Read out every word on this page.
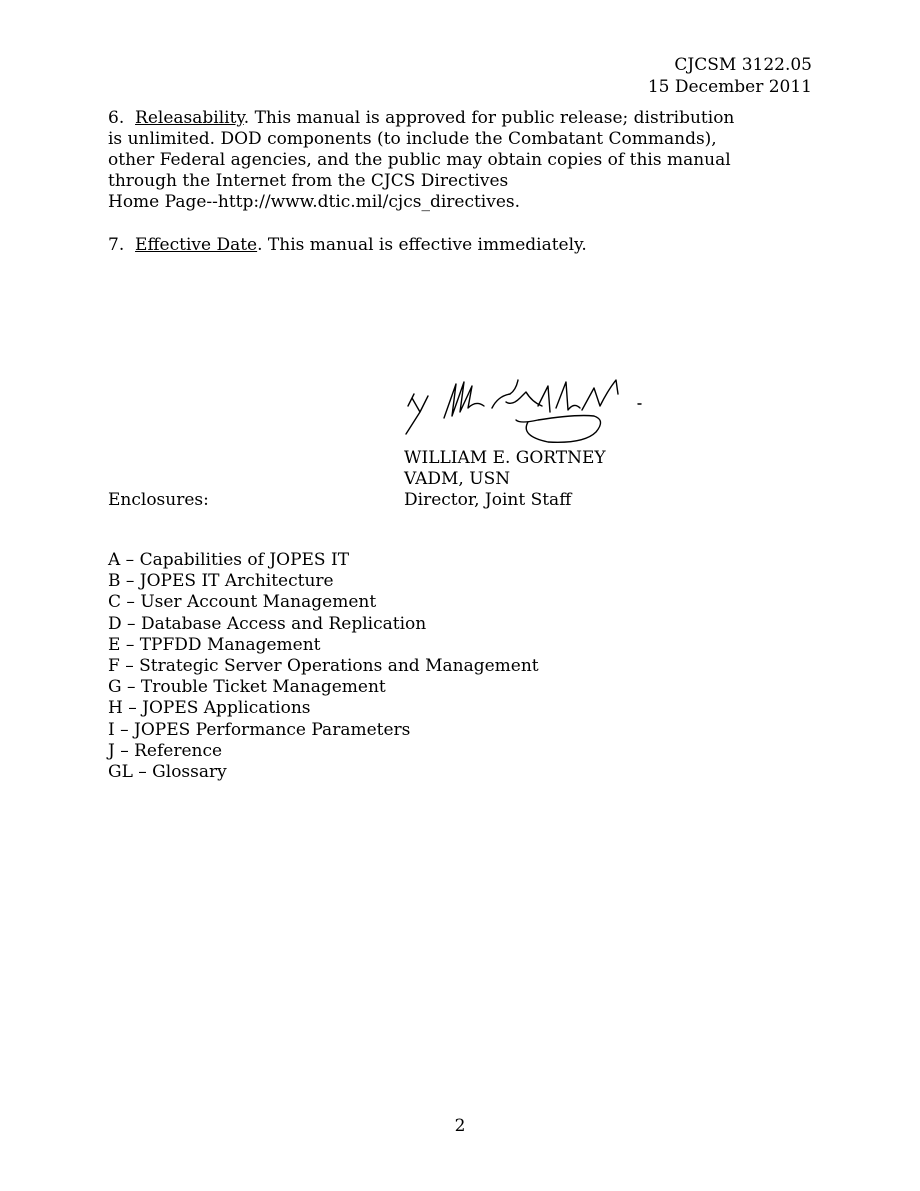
CJCSM 3122.05
15 December 2011
6. Releasability. This manual is approved for public release; distribution
is unlimited. DOD components (to include the Combatant Commands),
other Federal agencies, and the public may obtain copies of this manual
through the Internet from the CJCS Directives
Home Page--http://www.dtic.mil/cjcs_directives.
7. Effective Date. This manual is effective immediately.
WILLIAM E. GORTNEY
VADM, USN
Director, Joint Staff
Enclosures:
A – Capabilities of JOPES IT
B – JOPES IT Architecture
C – User Account Management
D – Database Access and Replication
E – TPFDD Management
F – Strategic Server Operations and Management
G – Trouble Ticket Management
H – JOPES Applications
I – JOPES Performance Parameters
J – Reference
GL – Glossary
2
